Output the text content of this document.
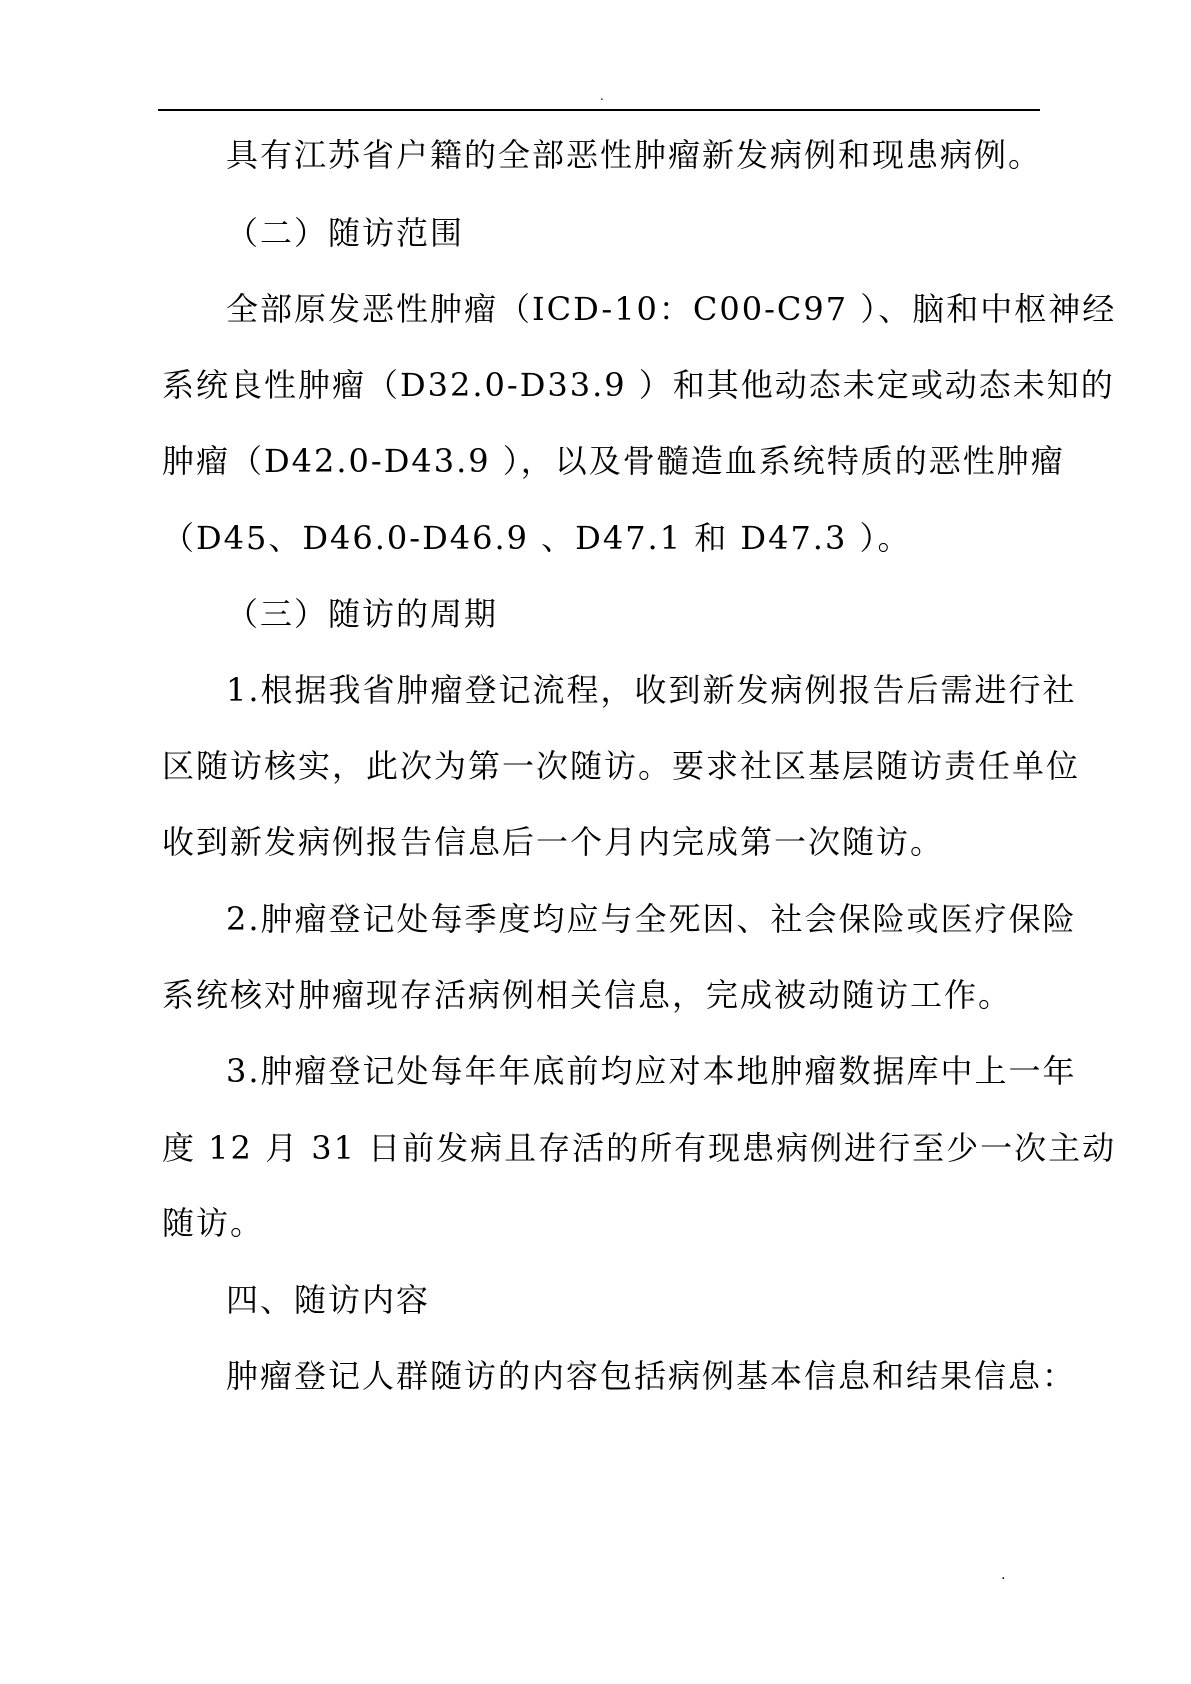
.
具有江苏省户籍的全部恶性肿瘤新发病例和现患病例。
（二）随访范围
全部原发恶性肿瘤（ICD-10：C00-C97 ）、脑和中枢神经
系统良性肿瘤（D32.0-D33.9 ）和其他动态未定或动态未知的
肿瘤（D42.0-D43.9 ），以及骨髓造血系统特质的恶性肿瘤
（D45、D46.0-D46.9 、D47.1 和 D47.3 ）。
（三）随访的周期
1.根据我省肿瘤登记流程，收到新发病例报告后需进行社
区随访核实，此次为第一次随访。要求社区基层随访责任单位
收到新发病例报告信息后一个月内完成第一次随访。
2.肿瘤登记处每季度均应与全死因、社会保险或医疗保险
系统核对肿瘤现存活病例相关信息，完成被动随访工作。
3.肿瘤登记处每年年底前均应对本地肿瘤数据库中上一年
度 12 月 31 日前发病且存活的所有现患病例进行至少一次主动
随访。
四、随访内容
肿瘤登记人群随访的内容包括病例基本信息和结果信息：
.
